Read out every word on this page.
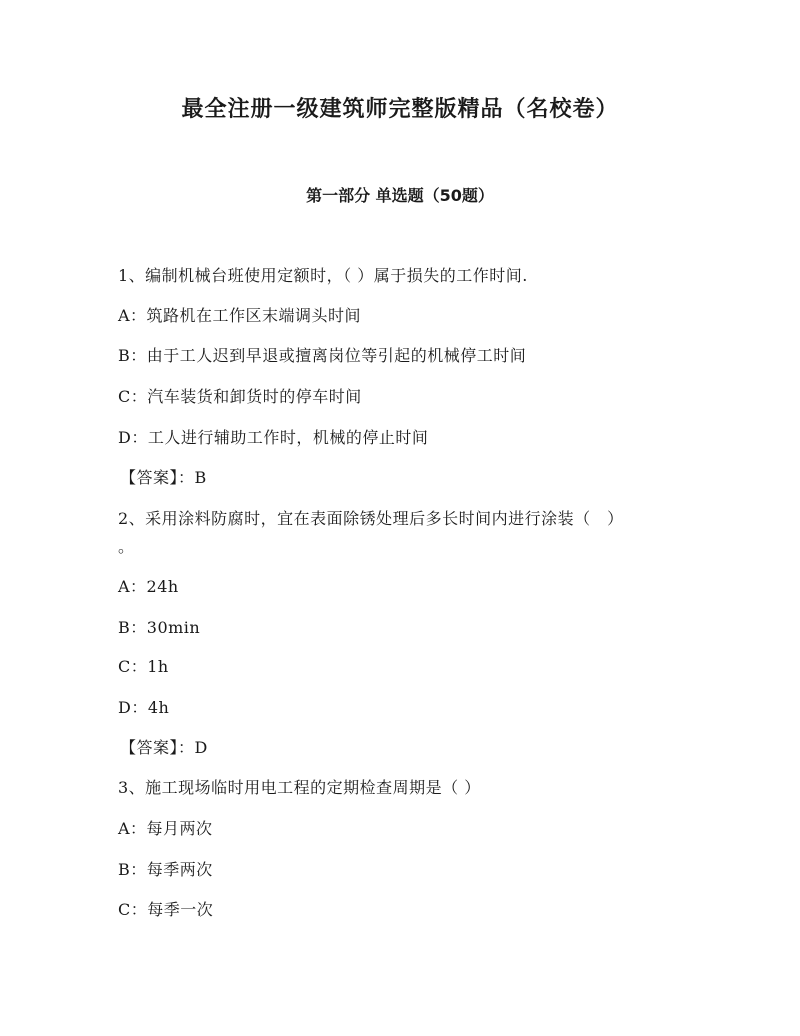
最全注册一级建筑师完整版精品（名校卷）
第一部分 单选题（50题）
1、编制机械台班使用定额时，（ ）属于损失的工作时间.
A：筑路机在工作区末端调头时间
B：由于工人迟到早退或擅离岗位等引起的机械停工时间
C：汽车装货和卸货时的停车时间
D：工人进行辅助工作时，机械的停止时间
【答案】：B
2、采用涂料防腐时，宜在表面除锈处理后多长时间内进行涂装（　）
。
A：24h
B：30min
C：1h
D：4h
【答案】：D
3、施工现场临时用电工程的定期检查周期是（ ）
A：每月两次
B：每季两次
C：每季一次
